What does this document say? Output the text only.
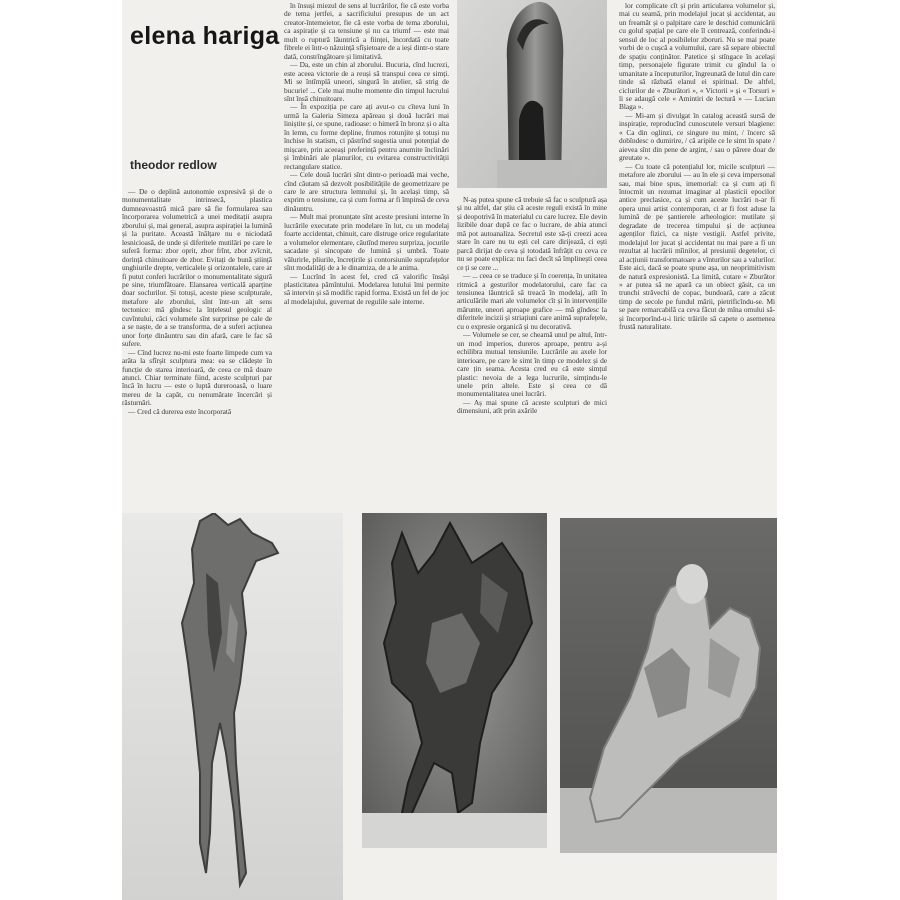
elena hariga
theodor redlow

— De o deplină autonomie expresivă și de o monumentalitate intrinsecă, plastica dumneavoastră mică pare să fie formularea sau încorporarea volumetrică a unei meditații asupra zborului și, mai general, asupra aspirației la lumină și la puritate. Această înălțare nu e niciodată lesnicioasă, de unde și diferitele mutilări pe care le suferă forma: zbor oprit, zbor frînt, zbor zvîcnit, dorință chinuitoare de zbor. Evitați de bună știință unghiurile drepte, verticalele și orizontalele, care ar fi putut conferi lucrărilor o monumentalitate sigură pe sine, triumfătoare. Elansarea verticală aparține doar soclurilor. Și totuși, aceste piese sculpturale, metafore ale zborului, sînt într-un alt sens tectonice: mă gîndesc la înțelesul geologic al cuvîntului, căci volumele sînt surprinse pe cale de a se naște, de a se transforma, de a suferi acțiunea unor forțe dinăuntru sau din afară, care le fac să sufere.

— Cînd lucrez nu-mi este foarte limpede cum va arăta la sfîrșit sculptura mea: ea se clădește în funcție de starea interioară, de ceea ce mă doare atunci. Chiar terminate fiind, aceste sculpturi par încă în lucru — este o luptă durerooasă, o luare mereu de la capăt, cu nenumărate încercări și răsturnări.

— Cred că durerea este încorporată

în însuși miezul de sens al lucrărilor, fie că este vorba de tema jertfei, a sacrificiului presupus de un act creator-întemeietor, fie că este vorba de tema zborului, ca aspirație și ca tensiune și nu ca triumf — este mai mult o ruptură lăuntrică a ființei, încordată cu toate fibrele ei într-o năzuință sfîșietoare de a ieși dintr-o stare dată, constrîngătoare și limitativă.

— Da, este un chin al zborului. Bucuria, cînd lucrezi, este aceea victorie de a reuși să transpui ceea ce simți. Mi se întîmplă uneori, singură în atelier, să strig de bucurie! ... Cele mai multe momente din timpul lucrului sînt însă chinuitoare.

— În expoziția pe care ați avut-o cu cîteva luni în urmă la Galeria Simeza apăreau și două lucrări mai liniștite și, ce spune, radioase: o himeră în bronz și o alta în lemn, cu forme depline, frumos rotunjite și totuși nu închise în statism, ci păstrînd sugestia unui potențial de mișcare, prin aceeași preferință pentru anumite înclinări și îmbinări ale planurilor, cu evitarea constructivității rectangulare statice.

— Cele două lucrări sînt dintr-o perioadă mai veche, cînd căutam să dezvolt posibilitățile de geometrizare pe care le are structura lemnului și, în același timp, să exprim o tensiune, ca și cum forma ar fi împinsă de ceva dinăuntru.

— Mult mai pronunțate sînt aceste presiuni interne în lucrările executate prin modelare în lut, cu un modelaj foarte accidentat, chinuit, care distruge orice regularitate a volumelor elementare, căutînd mereu surpriza, jocurile sacadate și sincopate de lumină și umbră. Toate vălurirle, pliurile, încrețirile și contorsiunile suprafețelor sînt modalități de a le dinamiza, de a le anima.

— Lucrînd în acest fel, cred că valorific însăși plasticitatea pămîntului. Modelarea lutului îmi permite să intervin și să modific rapid forma. Există un fel de joc al modelajului, guvernat de regulile sale interne.

N-aș putea spune că trebuie să fac o sculptură așa și nu altfel, dar știu că aceste reguli există în mine și deopotrivă în materialul cu care lucrez. Ele devin lizibile doar după ce fac o lucrare, de abia atunci mă pot autoanaliza. Secretul este să-ți creezi acea stare în care nu tu ești cel care dirijează, ci ești parcă dirijat de ceva și totodată înfrățit cu ceva ce nu se poate explica: nu faci decît să împlinești ceea ce ți se cere ...

— ... ceea ce se traduce și în coerența, în unitatea ritmică a gesturilor modelatorului, care fac ca tensiunea lăuntrică să treacă în modelaj, atît în articulările mari ale volumelor cît și în intervențiile mărunte, uneori aproape grafice — mă gîndesc la diferitele incizii și striațiuni care animă suprafețele, cu o expresie organică și nu decorativă.

— Volumele se cer, se cheamă unul pe altul, într-un mod imperios, dureros aproape, pentru a-și echilibra mutual tensiunile. Lucrările au axele lor interioare, pe care le simt în timp ce modelez și de care țin seama. Acesta cred eu că este simțul plastic: nevoia de a lega lucrurile, simțindu-le unele prin altele. Este și ceea ce dă monumentalitatea unei lucrări.

— Aș mai spune că aceste sculpturi de mici dimensiuni, atît prin axările

lor complicate cît și prin articularea volumelor și, mai cu seamă, prin modelajul jucat și accidentat, au un freamăt și o palpitare care le deschid comunicării cu golul spațial pe care ele îl centrează, conferindu-i sensul de loc al posibilelor zboruri. Nu se mai poate vorbi de o cușcă a volumului, care să separe obiectul de spațiu conținător. Patetice și stîngace în același timp, personajele figurate trimit cu gîndul la o umanitate a începuturilor, îngreunată de lutul din care tinde să răzbată elanul ei spiritual. De altfel, ciclurilor de « Zburători », « Victorii » și « Torsuri » li se adaugă cele « Amintiri de lectură » — Lucian Blaga ».

— Mi-am și divulgat în catalog această sursă de inspirație, reproducînd cunoscutele versuri blagiene: « Ca din oglinzi, ce singure nu mint, / încerc să dobîndesc o dumirire, / că aripile ce le simt în spate / aievea sînt din pene de argint, / sau o părere doar de greutate ».

— Cu toate că potențialul lor, micile sculpturi — metafore ale zborului — au în ele și ceva impersonal sau, mai bine spus, imemorial: ca și cum ați fi întocmit un rezumat imaginar al plasticii epocilor antice preclasice, ca și cum aceste lucrări n-ar fi opera unui artist contemporan, ci ar fi fost aduse la lumină de pe șantierele arheologice: mutilate și degradate de trecerea timpului și de acțiunea agenților fizici, ca niște vestigii. Astfel privite, modelajul lor jucat și accidentat nu mai pare a fi un rezultat al lucrării mîinilor, al presiunii degetelor, ci al acțiunii transformatoare a vînturilor sau a valurilor. Este aici, dacă se poate spune așa, un neoprimitivism de natură expresionistă. La limită, cutare « Zburător » ar putea să ne apară ca un obiect găsit, ca un trunchi străvechi de copac, bundoară, care a zăcut timp de secole pe fundul mării, pietrificîndu-se. Mi se pare remarcabilă ca ceva făcut de mîna omului să-și încorporînd-u-i liric trăirile să capete o asemenea frustă naturalitate.
